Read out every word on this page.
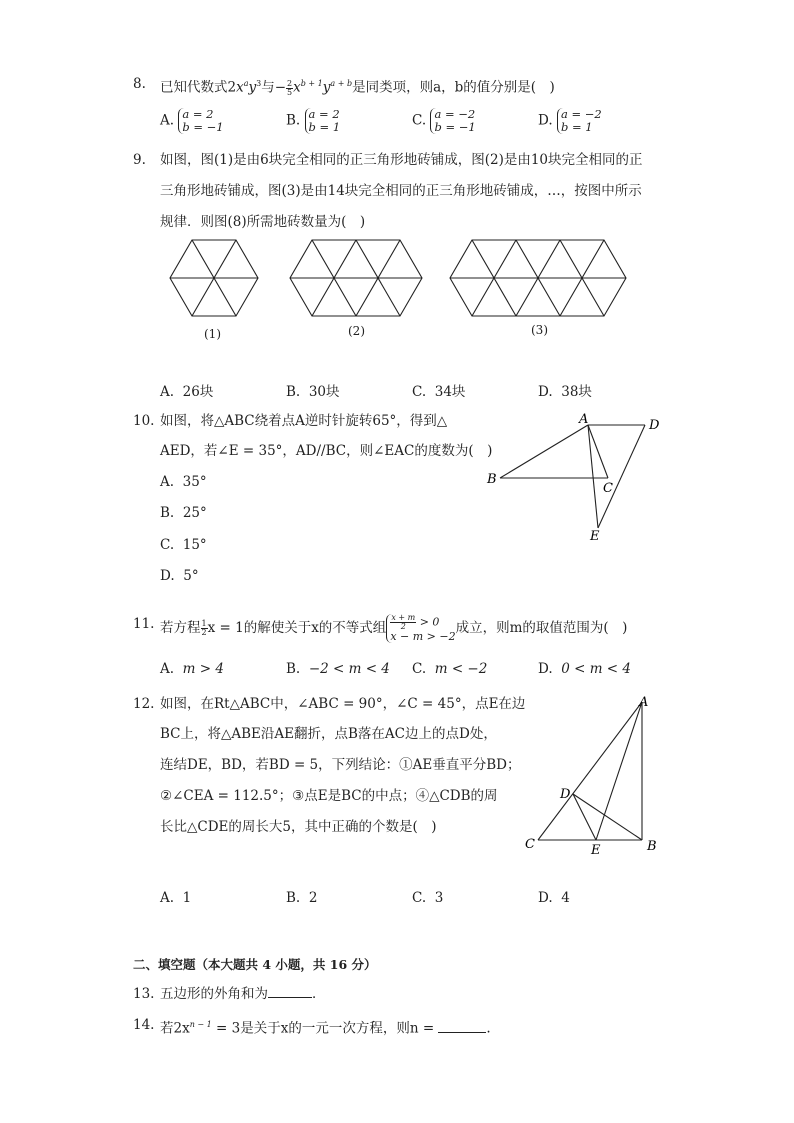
8. 已知代数式$2x^ay^3$与− $\frac{2}{5} x^{b + 1}y^{a + b}$是同类项，则a，b的值分别是(　)
A. a = 2
b = −1	B. a = 2
b = 1	C. a = −2
b = −1	D. a = −2
b = 1
9. 如图，图(1)是由6块完全相同的正三角形地砖铺成，图(2)是由10块完全相同的正
三角形地砖铺成，图(3)是由14块完全相同的正三角形地砖铺成，…，按图中所示
规律．则图(8)所需地砖数量为(　)
(1)	(2)	(3)
A. 26块	B. 30块	C. 34块	D. 38块
10. 如图，将△ABC绕着点A逆时针旋转65°，得到△
AED，若∠E = 35°，AD//BC，则∠EAC的度数为(　)
A. 35°
B. 25°
C. 15°
D. 5°
A	D
B
C
E
11. 若方程 $\frac{1}{2}$ x = 1的解使关于x的不等式组 $\frac{x + m}{2} > 0$
x − m > −2成立，则m的取值范围为(　)
A. m > 4	B. −2 < m < 4 C. m < −2	D. 0 < m < 4
12. 如图，在Rt△ABC中，∠ABC = 90°，∠C = 45°，点E在边
BC上，将△ABE沿AE翻折，点B落在AC边上的点D处，
连结DE，BD，若BD = 5，下列结论：①AE垂直平分BD；
②∠CEA = 112.5°；③点E是BC的中点；④△CDB的周
长比△CDE的周长大5，其中正确的个数是(　)
A
D
C	E	B
A. 1	B. 2	C. 3	D. 4
二、填空题（本大题共 4 小题，共 16 分）
13. 五边形的外角和为	．
14. 若$2x^{n - 1} = 3$是关于x的一元一次方程，则n =	.
